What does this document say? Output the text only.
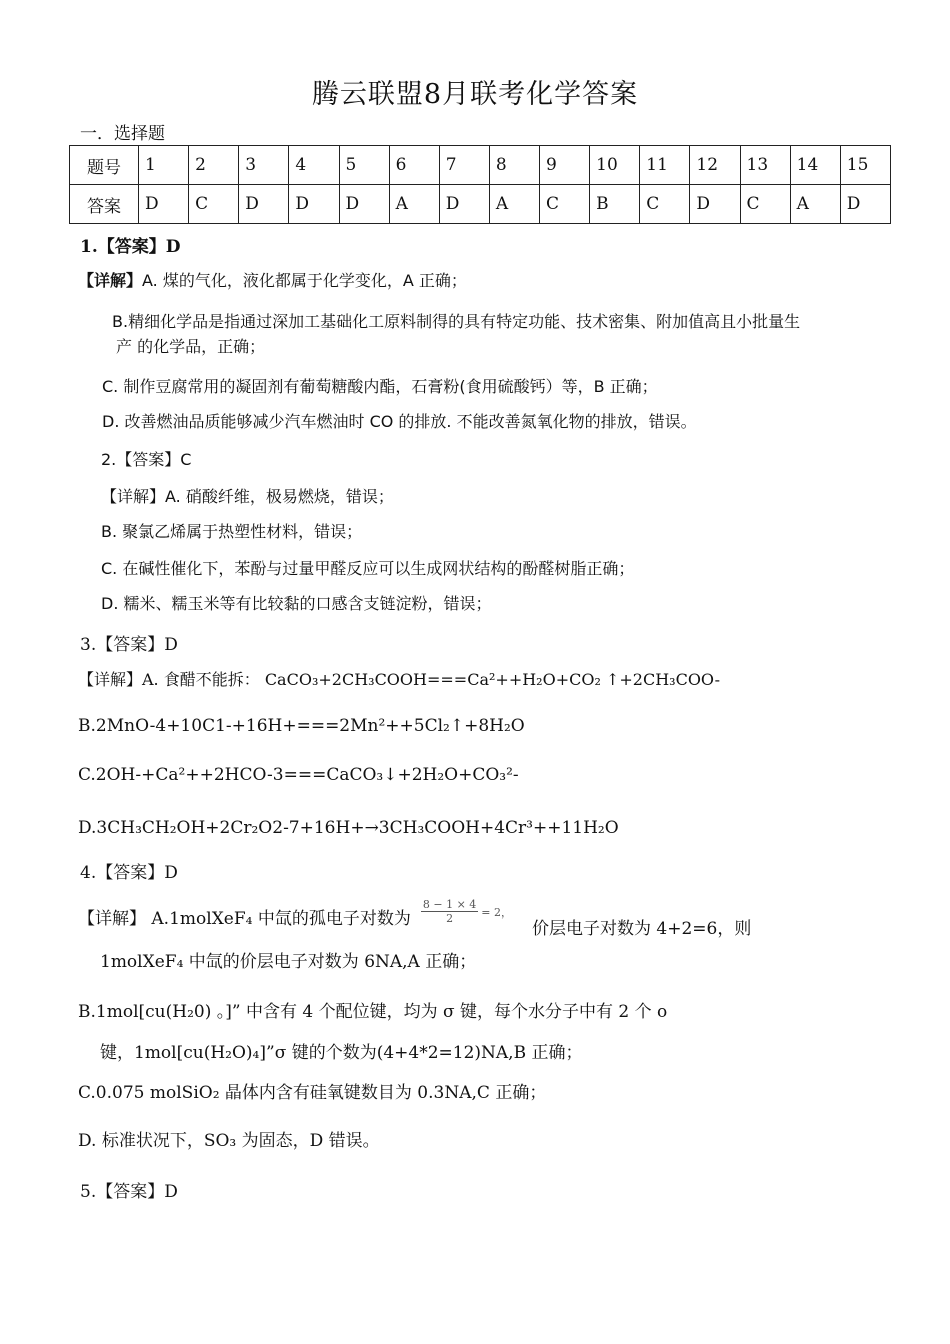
腾云联盟8月联考化学答案
一．选择题
题号	1	2	3	4	5	6	7	8	9	10	11	12	13	14	15
答案	D	C	D	D	D	A	D	A	C	B	C	D	C	A	D
1.【答案】D
【详解】A. 煤的气化，液化都属于化学变化，A 正确；
B.精细化学品是指通过深加工基础化工原料制得的具有特定功能、技术密集、附加值高且小批量生
产 的化学品，正确；
C. 制作豆腐常用的凝固剂有葡萄糖酸内酯，石膏粉(食用硫酸钙）等，B 正确；
D. 改善燃油品质能够减少汽车燃油时 CO 的排放. 不能改善氮氧化物的排放，错误。
2.【答案】C
【详解】A. 硝酸纤维，极易燃烧，错误；
B. 聚氯乙烯属于热塑性材料，错误；
C. 在碱性催化下，苯酚与过量甲醛反应可以生成网状结构的酚醛树脂正确；
D. 糯米、糯玉米等有比较黏的口感含支链淀粉，错误；
3.【答案】D
【详解】A. 食醋不能拆： CaCO₃+2CH₃COOH===Ca²++H₂O+CO₂ ↑+2CH₃COO-
B.2MnO-4+10C1-+16H+===2Mn²++5Cl₂↑+8H₂O
C.2OH-+Ca²++2HCO-3===CaCO₃↓+2H₂O+CO₃²-
D.3CH₃CH₂OH+2Cr₂O2-7+16H+→3CH₃COOH+4Cr³++11H₂O
4.【答案】D
【详解】 A.1molXeF₄ 中氙的孤电子对数为 $\frac{8 - 1 \times 4}{2} = 2$，
价层电子对数为 4+2=6，则
1molXeF₄ 中氙的价层电子对数为 6NA,A 正确；
B.1mol[cu(H₂0) 。]” 中含有 4 个配位键，均为 σ 键，每个水分子中有 2 个 o
键，1mol[cu(H₂O)₄]”σ 键的个数为(4+4*2=12)NA,B 正确；
C.0.075 molSiO₂ 晶体内含有硅氧键数目为 0.3NA,C 正确；
D. 标准状况下，SO₃ 为固态，D 错误。
5.【答案】D
